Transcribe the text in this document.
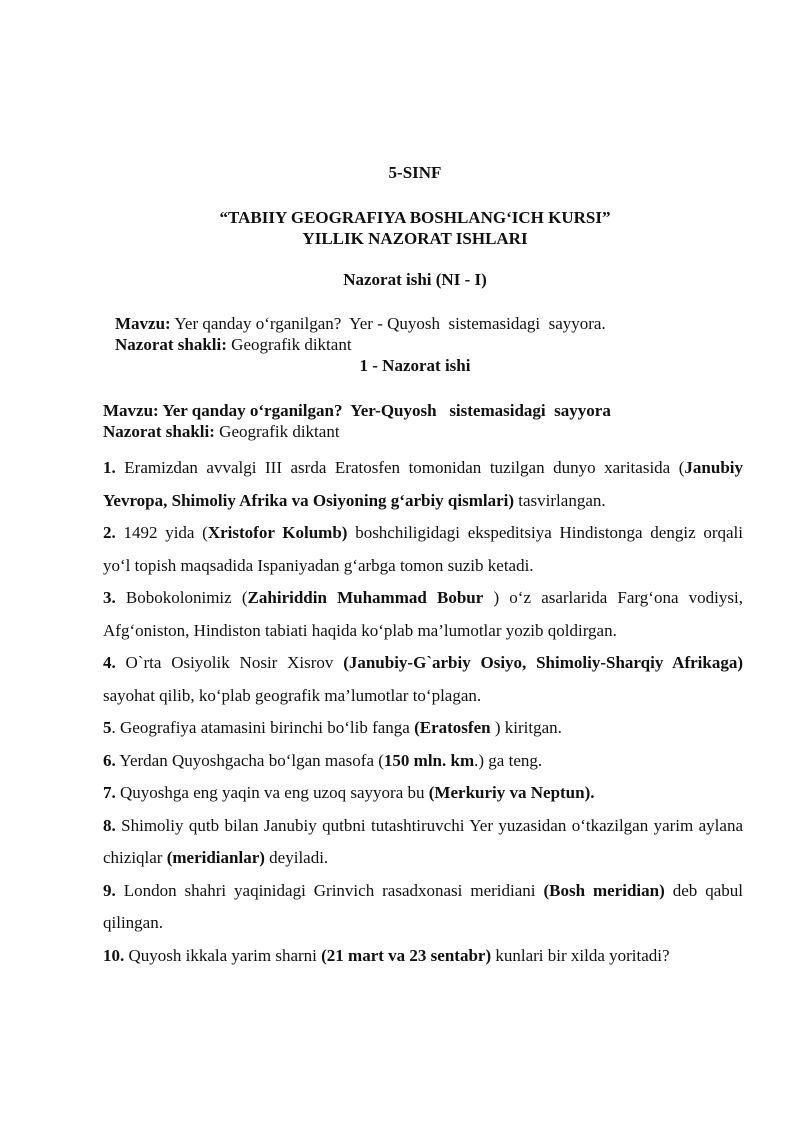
5-SINF
“TABIIY GEOGRAFIYA BOSHLANG‘ICH KURSI”
YILLIK NAZORAT ISHLARI
Nazorat ishi (NI - I)
Mavzu: Yer qanday o‘rganilgan?  Yer - Quyosh  sistemasidagi  sayyora.
Nazorat shakli: Geografik diktant
1 - Nazorat ishi
Mavzu: Yer qanday o‘rganilgan?  Yer-Quyosh   sistemasidagi  sayyora
Nazorat shakli: Geografik diktant

1. Eramizdan avvalgi III asrda Eratosfen tomonidan tuzilgan dunyo xaritasida (Janubiy Yevropa, Shimoliy Afrika va Osiyoning g‘arbiy qismlari) tasvirlangan.

2. 1492 yida (Xristofor Kolumb) boshchiligidagi ekspeditsiya Hindistonga dengiz orqali yo‘l topish maqsadida Ispaniyadan g‘arbga tomon suzib ketadi.

3. Bobokolonimiz (Zahiriddin Muhammad Bobur ) o‘z asarlarida Farg‘ona vodiysi, Afg‘oniston, Hindiston tabiati haqida ko‘plab ma’lumotlar yozib qoldirgan.

4. O`rta Osiyolik Nosir Xisrov (Janubiy-G`arbiy Osiyo, Shimoliy-Sharqiy Afrikaga) sayohat qilib, ko‘plab geografik ma’lumotlar to‘plagan.

5. Geografiya atamasini birinchi bo‘lib fanga (Eratosfen ) kiritgan.

6. Yerdan Quyoshgacha bo‘lgan masofa (150 mln. km.) ga teng.

7. Quyoshga eng yaqin va eng uzoq sayyora bu (Merkuriy va Neptun).

8. Shimoliy qutb bilan Janubiy qutbni tutashtiruvchi Yer yuzasidan o‘tkazilgan yarim aylana chiziqlar (meridianlar) deyiladi.

9. London shahri yaqinidagi Grinvich rasadxonasi meridiani (Bosh meridian) deb qabul qilingan.

10. Quyosh ikkala yarim sharni (21 mart va 23 sentabr) kunlari bir xilda yoritadi?
